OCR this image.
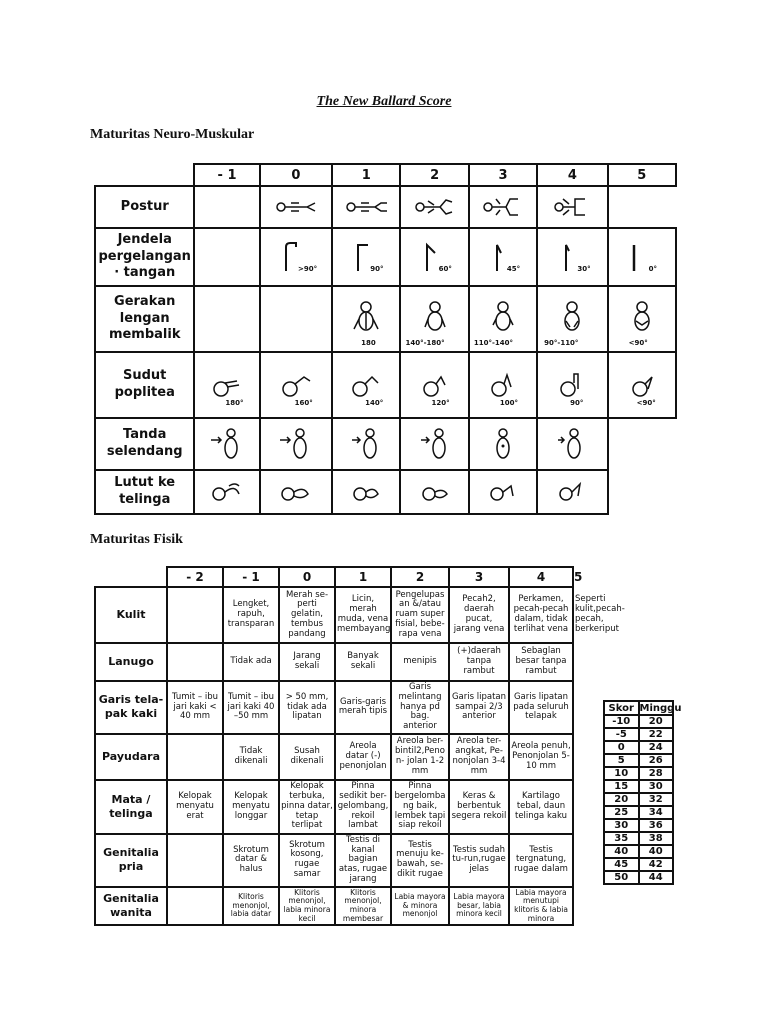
The New Ballard Score
Maturitas Neuro-Muskular
	- 1	0	1	2	3	4	5
Postur		

Jendela pergelangan · tangan		>90°	90°	60°	45°	30°	0°

Gerakan lengan membalik			180	140°-180°	110°-140°	90°-110°	<90°

Sudut poplitea	180°	160°	140°	120°	100°	90°	<90°

Tanda selendang	

Lutut ke telinga	

Maturitas Fisik
	- 2	- 1	0	1	2	3	4	5
Kulit		Lengket, rapuh, transparan	Merah se-perti gelatin, tembus pandang	Licin, merah muda, vena membayang	Pengelupas an &/atau ruam super fisial, bebe-rapa vena	Pecah2, daerah pucat, jarang vena	Perkamen, pecah-pecah dalam, tidak terlihat vena	Seperti kulit,pecah-pecah, berkeriput
Lanugo		Tidak ada	Jarang sekali	Banyak sekali	menipis	(+)daerah tanpa rambut	Sebaglan besar tanpa rambut	
Garis tela-pak kaki	Tumit – ibu jari kaki < 40 mm	Tumit – ibu jari kaki 40 –50 mm	> 50 mm, tidak ada lipatan	Garis-garis merah tipis	Garis melintang hanya pd bag. anterior	Garis lipatan sampai 2/3 anterior	Garis lipatan pada seluruh telapak	
Payudara		Tidak dikenali	Susah dikenali	Areola datar (-) penonjolan	Areola ber-bintil2,Peno n- jolan 1-2 mm	Areola ter-angkat, Pe-nonjolan 3-4 mm	Areola penuh, Penonjolan 5- 10 mm	
Mata / telinga	Kelopak menyatu erat	Kelopak menyatu longgar	Kelopak terbuka, pinna datar, tetap terlipat	Pinna sedikit ber-gelombang, rekoil lambat	Pinna bergelomba ng baik, lembek tapi siap rekoil	Keras & berbentuk segera rekoil	Kartilago tebal, daun telinga kaku	
Genitalia pria		Skrotum datar & halus	Skrotum kosong, rugae samar	Testis di kanal bagian atas, rugae jarang	Testis menuju ke-bawah, se-dikit rugae	Testis sudah tu-run,rugae jelas	Testis tergnatung, rugae dalam	
Genitalia wanita		Klitoris menonjol, labia datar	Klitoris menonjol, labia minora kecil	Klitoris menonjol, minora membesar	Labia mayora & minora menonjol	Labia mayora besar, labia minora kecil	Labia mayora menutupi klitoris & labia minora	
Skor	Minggu
-10	20
-5	22
0	24
5	26
10	28
15	30
20	32
25	34
30	36
35	38
40	40
45	42
50	44
